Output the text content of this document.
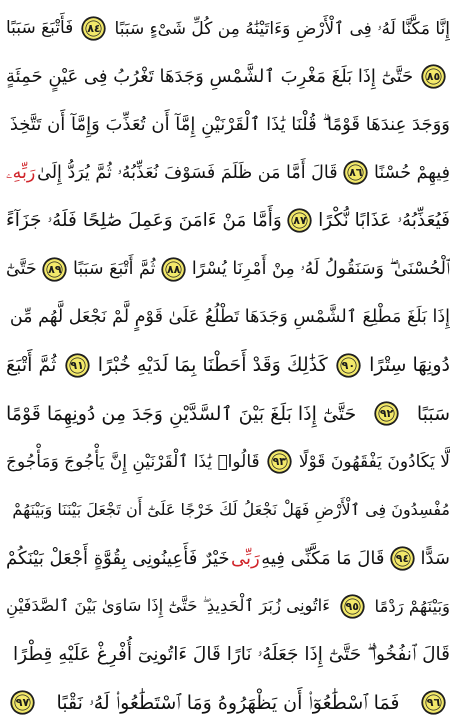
إِنَّا مَكَّنَّا لَهُۥ فِى ٱلْأَرْضِ وَءَاتَيْنَٰهُ مِن كُلِّ شَىْءٍ سَبَبًا
٨٤
فَأَتْبَعَ سَبَبًا
٨٥
حَتَّىٰٓ إِذَا بَلَغَ مَغْرِبَ ٱلشَّمْسِ وَجَدَهَا تَغْرُبُ فِى عَيْنٍ حَمِئَةٍ
وَوَجَدَ عِندَهَا قَوْمًا ۗ قُلْنَا يَٰذَا ٱلْقَرْنَيْنِ إِمَّآ أَن تُعَذِّبَ وَإِمَّآ أَن تَتَّخِذَ
فِيهِمْ حُسْنًا
٨٦
قَالَ أَمَّا مَن ظَلَمَ فَسَوْفَ نُعَذِّبُهُۥ ثُمَّ يُرَدُّ إِلَىٰ
رَبِّهِۦ
فَيُعَذِّبُهُۥ عَذَابًا نُّكْرًا
٨٧
وَأَمَّا مَنْ ءَامَنَ وَعَمِلَ صَٰلِحًا فَلَهُۥ جَزَآءً
ٱلْحُسْنَىٰ ۖ وَسَنَقُولُ لَهُۥ مِنْ أَمْرِنَا يُسْرًا
٨٨
ثُمَّ أَتْبَعَ سَبَبًا
٨٩
حَتَّىٰٓ
إِذَا بَلَغَ مَطْلِعَ ٱلشَّمْسِ وَجَدَهَا تَطْلُعُ عَلَىٰ قَوْمٍ لَّمْ نَجْعَل لَّهُم مِّن
دُونِهَا سِتْرًا
٩٠
كَذَٰلِكَ وَقَدْ أَحَطْنَا بِمَا لَدَيْهِ خُبْرًا
٩١
ثُمَّ أَتْبَعَ
سَبَبًا
٩٢
حَتَّىٰٓ إِذَا بَلَغَ بَيْنَ ٱلسَّدَّيْنِ وَجَدَ مِن دُونِهِمَا قَوْمًا
لَّا يَكَادُونَ يَفْقَهُونَ قَوْلًا
٩٣
قَالُوا۟ يَٰذَا ٱلْقَرْنَيْنِ إِنَّ يَأْجُوجَ وَمَأْجُوجَ
مُفْسِدُونَ فِى ٱلْأَرْضِ فَهَلْ نَجْعَلُ لَكَ خَرْجًا عَلَىٰٓ أَن تَجْعَلَ بَيْنَنَا وَبَيْنَهُمْ
سَدًّا
٩٤
قَالَ مَا مَكَّنِّى فِيهِ
رَبِّى
خَيْرٌ فَأَعِينُونِى بِقُوَّةٍ أَجْعَلْ بَيْنَكُمْ
وَبَيْنَهُمْ رَدْمًا
٩٥
ءَاتُونِى زُبَرَ ٱلْحَدِيدِ ۖ حَتَّىٰٓ إِذَا سَاوَىٰ بَيْنَ ٱلصَّدَفَيْنِ
قَالَ ٱنفُخُوا۟ ۖ حَتَّىٰٓ إِذَا جَعَلَهُۥ نَارًا قَالَ ءَاتُونِىٓ أُفْرِغْ عَلَيْهِ قِطْرًا
٩٦
فَمَا ٱسْطَٰعُوٓا۟ أَن يَظْهَرُوهُ وَمَا ٱسْتَطَٰعُوا۟ لَهُۥ نَقْبًا
٩٧
